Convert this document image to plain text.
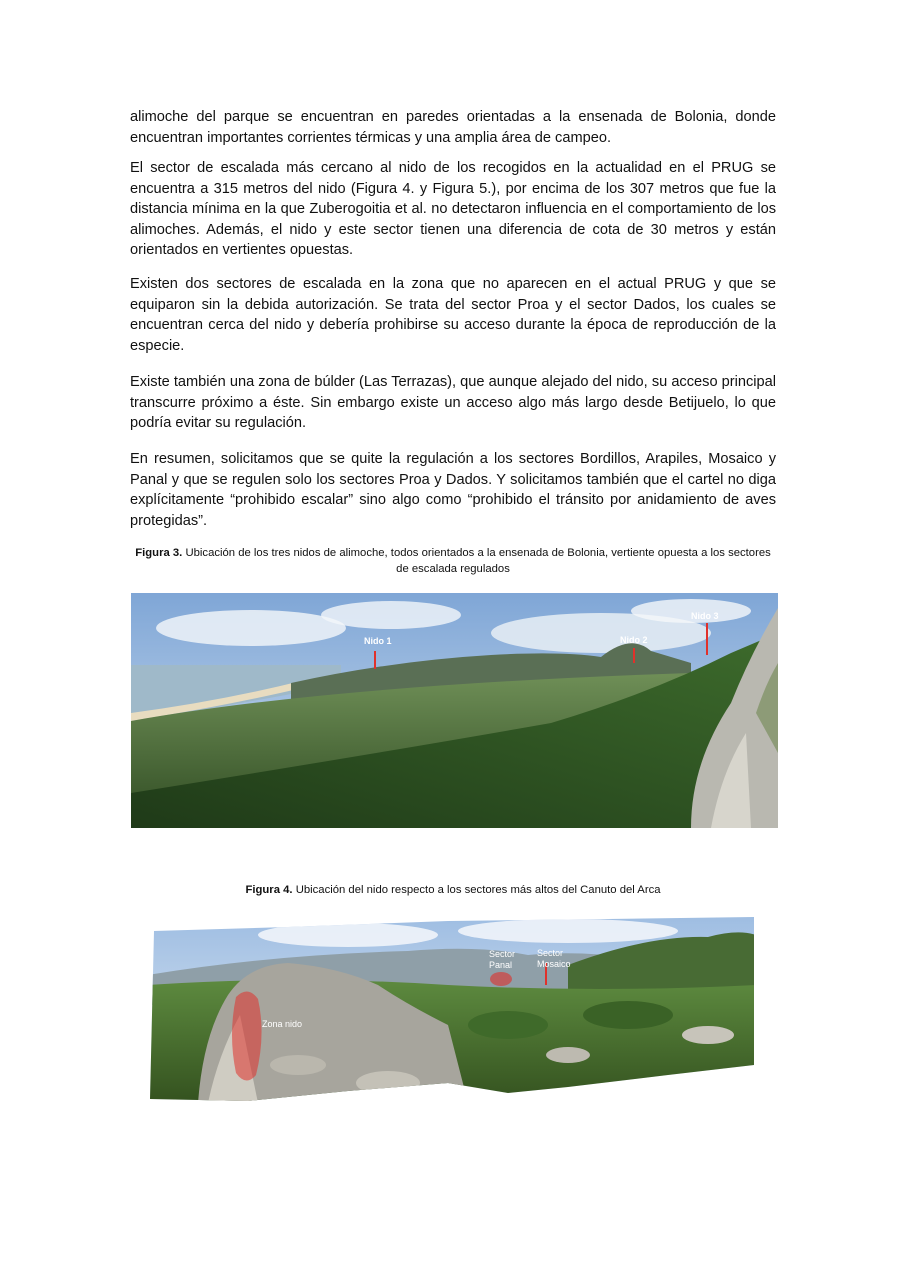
alimoche del parque se encuentran en paredes orientadas a la ensenada de Bolonia, donde encuentran importantes corrientes térmicas y una amplia área de campeo.

El sector de escalada más cercano al nido de los recogidos en la actualidad en el PRUG se encuentra a 315 metros del nido (Figura 4. y Figura 5.), por encima de los 307 metros que fue la distancia mínima en la que Zuberogoitia et al. no detectaron influencia en el comportamiento de los alimoches. Además, el nido y este sector tienen una diferencia de cota de 30 metros y están orientados en vertientes opuestas.

Existen dos sectores de escalada en la zona que no aparecen en el actual PRUG y que se equiparon sin la debida autorización. Se trata del sector Proa y el sector Dados, los cuales se encuentran cerca del nido y debería prohibirse su acceso durante la época de reproducción de la especie.

Existe también una zona de búlder (Las Terrazas), que aunque alejado del nido, su acceso principal transcurre próximo a éste. Sin embargo existe un acceso algo más largo desde Betijuelo, lo que podría evitar su regulación.

En resumen, solicitamos que se quite la regulación a los sectores Bordillos, Arapiles, Mosaico y Panal y que se regulen solo los sectores Proa y Dados. Y solicitamos también que el cartel no diga explícitamente “prohibido escalar” sino algo como “prohibido el tránsito por anidamiento de aves protegidas”.

Figura 3. Ubicación de los tres nidos de alimoche, todos orientados a la ensenada de Bolonia, vertiente opuesta a los sectores de escalada regulados

Nido 1	Nido 2
Nido 3

Figura 4. Ubicación del nido respecto a los sectores más altos del Canuto del Arca

Sector
Panal
Sector
Mosaico
Zona nido
